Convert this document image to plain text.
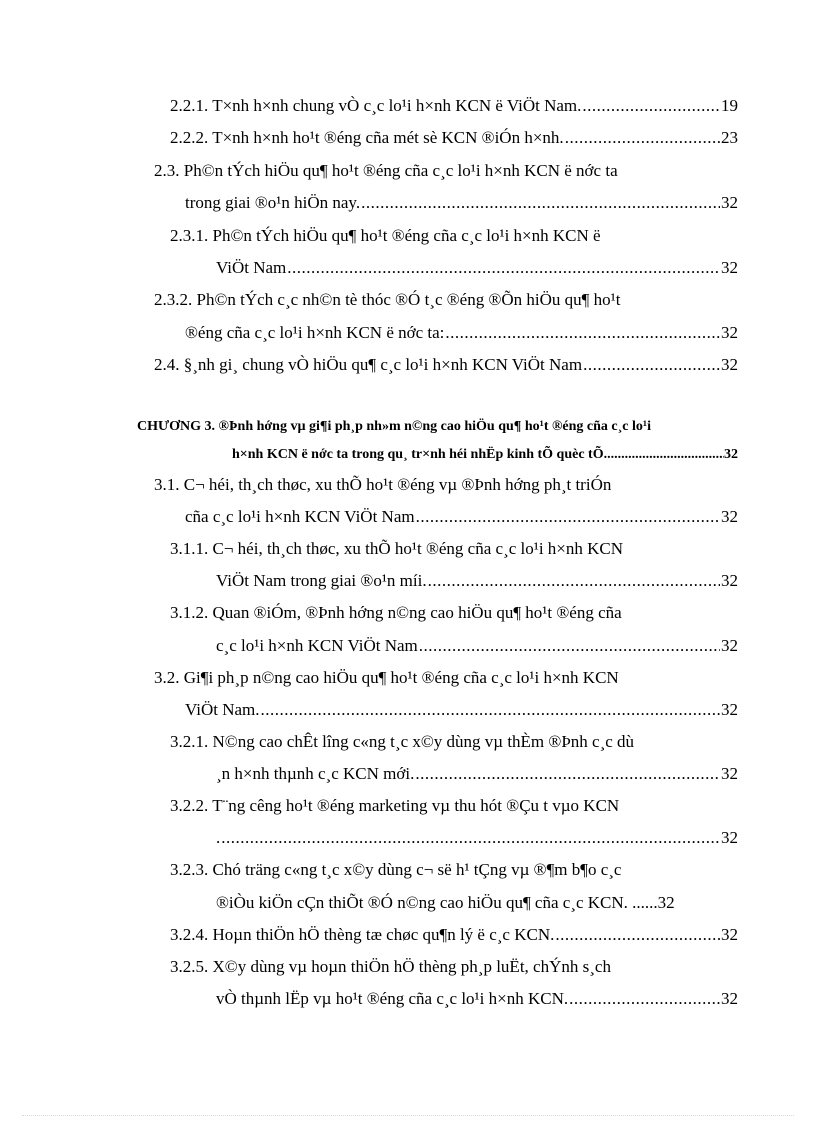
2.2.1. T×nh h×nh chung vÒ c¸c lo¹i h×nh KCN ë ViÖt Nam. .....	19
2.2.2. T×nh h×nh ho¹t ®éng cña mét sè KCN ®iÓn h×nh. .....	23
2.3. Ph©n tÝch hiÖu qu¶ ho¹t ®éng cña c¸c lo¹i h×nh KCN ë nớc ta
trong giai ®o¹n hiÖn nay. .....	32
2.3.1. Ph©n tÝch hiÖu qu¶ ho¹t ®éng cña c¸c lo¹i h×nh KCN ë
ViÖt Nam .....	32
2.3.2. Ph©n tÝch c¸c nh©n tè thóc ®Ó t¸c ®éng ®Õn hiÖu qu¶ ho¹t
®éng cña c¸c lo¹i h×nh KCN ë nớc ta: .....	32
2.4. §¸nh gi¸ chung vÒ hiÖu qu¶ c¸c lo¹i h×nh KCN ViÖt Nam .....	32
CHƯƠNG 3. ®Þnh hớng vµ gi¶i ph¸p nh»m n©ng cao hiÖu qu¶ ho¹t ®éng cña c¸c lo¹i
h×nh KCN ë nớc ta trong qu¸ tr×nh héi nhËp kinh tÕ quèc tÕ .....	32
3.1. C¬ héi, th¸ch thøc, xu thÕ ho¹t ®éng vµ ®Þnh hớng ph¸t triÓn
cña c¸c lo¹i h×nh KCN ViÖt Nam .....	32
3.1.1. C¬ héi, th¸ch thøc, xu thÕ ho¹t ®éng cña c¸c lo¹i h×nh KCN
ViÖt Nam trong giai ®o¹n míi. .....	32
3.1.2. Quan ®iÓm, ®Þnh hớng n©ng cao hiÖu qu¶ ho¹t ®éng cña
c¸c lo¹i h×nh KCN ViÖt Nam .....	32
3.2. Gi¶i ph¸p n©ng cao hiÖu qu¶ ho¹t ®éng cña c¸c lo¹i h×nh KCN
ViÖt Nam. .....	32
3.2.1. N©ng cao chÊt lîng c«ng t¸c x©y dùng vµ thÈm ®Þnh c¸c dù
¸n h×nh thµnh c¸c KCN mới. .....	32
3.2.2. T¨ng cêng ho¹t ®éng marketing vµ thu hót ®Çu t vµo KCN
. .....	32
3.2.3. Chó träng c«ng t¸c x©y dùng c¬ së h¹ tÇng vµ ®¶m b¶o c¸c
®iÒu kiÖn cÇn thiÕt ®Ó n©ng cao hiÖu qu¶ cña c¸c KCN. ...... 32
3.2.4. Hoµn thiÖn hÖ thèng tæ chøc qu¶n lý ë c¸c KCN. .....	32
3.2.5. X©y dùng vµ hoµn thiÖn hÖ thèng ph¸p luËt, chÝnh s¸ch
vÒ thµnh lËp vµ ho¹t ®éng cña c¸c lo¹i h×nh KCN. .....	32
